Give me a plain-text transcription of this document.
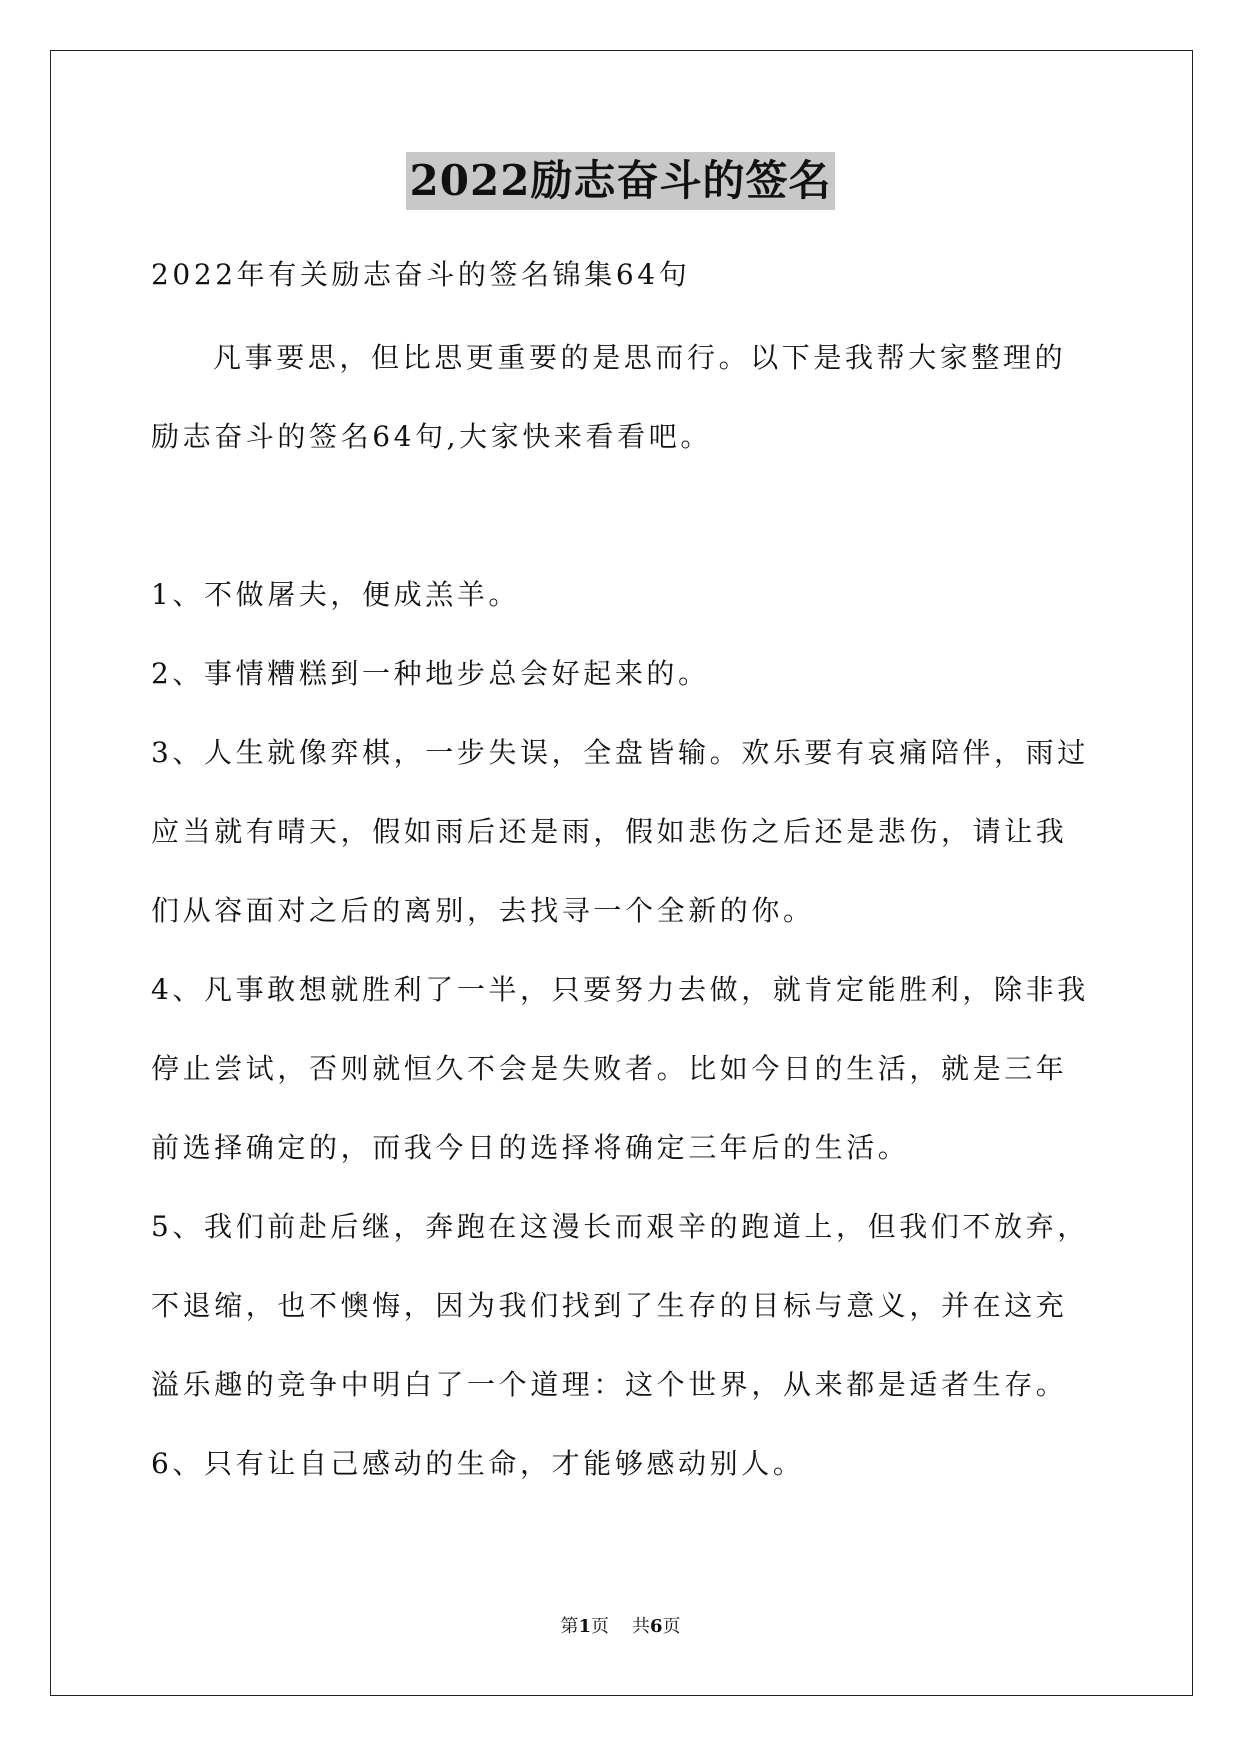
2022励志奋斗的签名

2022年有关励志奋斗的签名锦集64句

凡事要思，但比思更重要的是思而行。以下是我帮大家整理的励志奋斗的签名64句,大家快来看看吧。

1、不做屠夫，便成羔羊。

2、事情糟糕到一种地步总会好起来的。

3、人生就像弈棋，一步失误，全盘皆输。欢乐要有哀痛陪伴，雨过应当就有晴天，假如雨后还是雨，假如悲伤之后还是悲伤，请让我们从容面对之后的离别，去找寻一个全新的你。

4、凡事敢想就胜利了一半，只要努力去做，就肯定能胜利，除非我停止尝试，否则就恒久不会是失败者。比如今日的生活，就是三年前选择确定的，而我今日的选择将确定三年后的生活。

5、我们前赴后继，奔跑在这漫长而艰辛的跑道上，但我们不放弃，不退缩，也不懊悔，因为我们找到了生存的目标与意义，并在这充溢乐趣的竞争中明白了一个道理：这个世界，从来都是适者生存。

6、只有让自己感动的生命，才能够感动别人。

第1页 共6页
